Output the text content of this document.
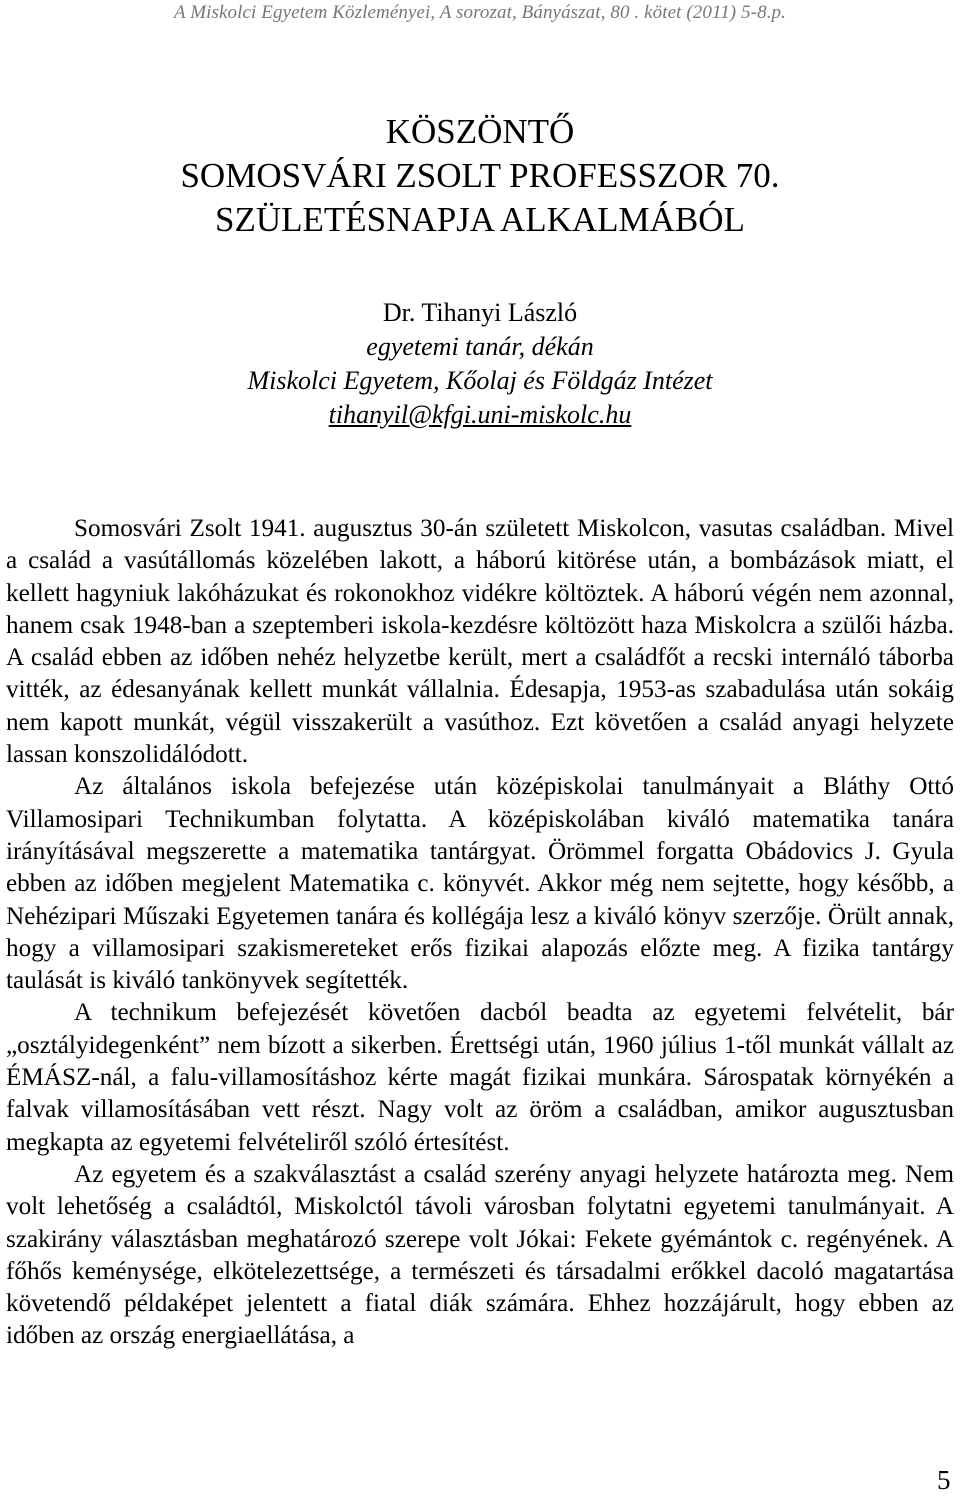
A Miskolci Egyetem Közleményei, A sorozat, Bányászat, 80 . kötet (2011) 5-8.p.
KÖSZÖNTŐ
SOMOSVÁRI ZSOLT PROFESSZOR 70.
SZÜLETÉSNAPJA ALKALMÁBÓL
Dr. Tihanyi László
egyetemi tanár, dékán
Miskolci Egyetem, Kőolaj és Földgáz Intézet
tihanyil@kfgi.uni-miskolc.hu

Somosvári Zsolt 1941. augusztus 30-án született Miskolcon, vasutas családban. Mivel a család a vasútállomás közelében lakott, a háború kitörése után, a bombázások miatt, el kellett hagyniuk lakóházukat és rokonokhoz vidékre költöztek. A háború végén nem azonnal, hanem csak 1948-ban a szeptemberi iskola-kezdésre költözött haza Miskolcra a szülői házba. A család ebben az időben nehéz helyzetbe került, mert a családfőt a recski internáló táborba vitték, az édesanyának kellett munkát vállalnia. Édesapja, 1953-as szabadulása után sokáig nem kapott munkát, végül visszakerült a vasúthoz. Ezt követően a család anyagi helyzete lassan konszolidálódott.

Az általános iskola befejezése után középiskolai tanulmányait a Bláthy Ottó Villamosipari Technikumban folytatta. A középiskolában kiváló matematika tanára irányításával megszerette a matematika tantárgyat. Örömmel forgatta Obádovics J. Gyula ebben az időben megjelent Matematika c. könyvét. Akkor még nem sejtette, hogy később, a Nehézipari Műszaki Egyetemen tanára és kollégája lesz a kiváló könyv szerzője. Örült annak, hogy a villamosipari szakismereteket erős fizikai alapozás előzte meg. A fizika tantárgy taulását is kiváló tankönyvek segítették.

A technikum befejezését követően dacból beadta az egyetemi felvételit, bár „osztályidegenként” nem bízott a sikerben. Érettségi után, 1960 július 1-től munkát vállalt az ÉMÁSZ-nál, a falu-villamosításhoz kérte magát fizikai munkára. Sárospatak környékén a falvak villamosításában vett részt. Nagy volt az öröm a családban, amikor augusztusban megkapta az egyetemi felvételiről szóló értesítést.

Az egyetem és a szakválasztást a család szerény anyagi helyzete határozta meg. Nem volt lehetőség a családtól, Miskolctól távoli városban folytatni egyetemi tanulmányait. A szakirány választásban meghatározó szerepe volt Jókai: Fekete gyémántok c. regényének. A főhős keménysége, elkötelezettsége, a természeti és társadalmi erőkkel dacoló magatartása követendő példaképet jelentett a fiatal diák számára. Ehhez hozzájárult, hogy ebben az időben az ország energiaellátása, a

5
